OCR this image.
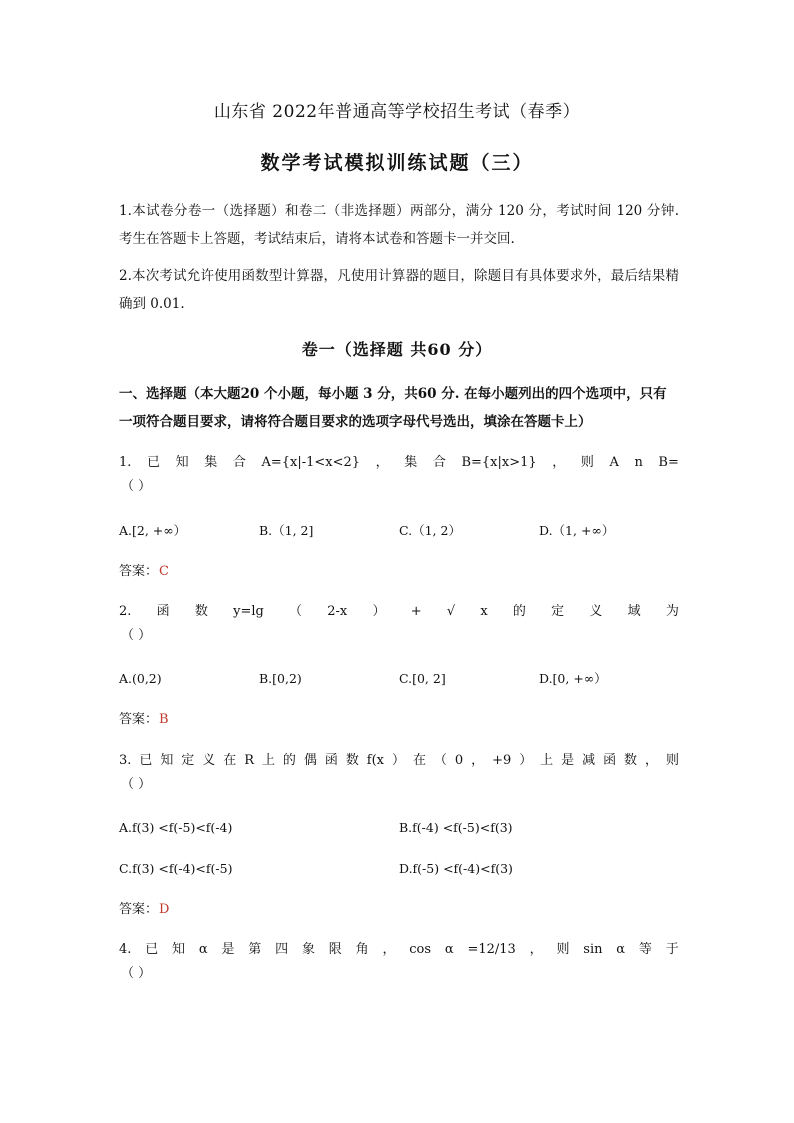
山东省 2022年普通高等学校招生考试（春季）
数学考试模拟训练试题（三）
1.本试卷分卷一（选择题）和卷二（非选择题）两部分，满分 120 分，考试时间 120 分钟. 考生在答题卡上答题，考试结束后，请将本试卷和答题卡一并交回.
2.本次考试允许使用函数型计算器，凡使用计算器的题目，除题目有具体要求外，最后结果精确到 0.01.
卷一（选择题 共60 分）
一、选择题（本大题20 个小题，每小题 3 分，共60 分. 在每小题列出的四个选项中，只有一项符合题目要求，请将符合题目要求的选项字母代号选出，填涂在答题卡上）
1. 已 知 集 合 A={x|-1<x<2} ， 集 合 B={x|x>1} ， 则 A n B=
（ ）
A.[2, +∞）	B.（1, 2]	C.（1, 2）	D.（1, +∞）
答案：C
2. 函 数 y=lg （ 2-x ） + √ x 的 定 义 域 为
（ ）
A.(0,2)	B.[0,2)	C.[0, 2]	D.[0, +∞）
答案：B
3. 已 知 定 义 在 R 上 的 偶 函 数 f(x ） 在 （ 0 ， +9 ） 上 是 减 函 数 ， 则
（ ）
A.f(3) <f(-5)<f(-4)	B.f(-4) <f(-5)<f(3)
C.f(3) <f(-4)<f(-5)	D.f(-5) <f(-4)<f(3)
答案：D
4. 已 知 α 是 第 四 象 限 角 ， cos α =12/13 ， 则 sin α 等 于
（ ）
